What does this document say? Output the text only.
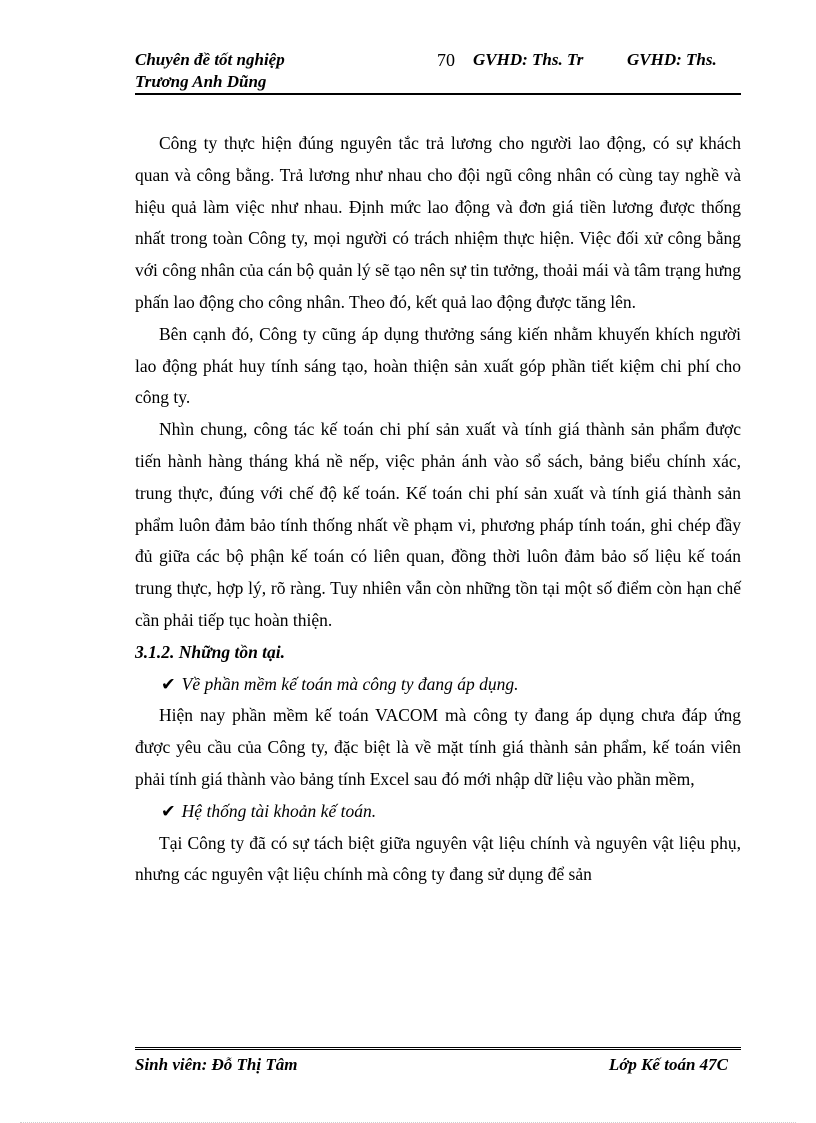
Chuyên đề tốt nghiệp
Trương Anh Dũng
70 GVHD: Ths. Tr	GVHD: Ths.

Công ty thực hiện đúng nguyên tắc trả lương cho người lao động, có sự khách quan và công bằng. Trả lương như nhau cho đội ngũ công nhân có cùng tay nghề và hiệu quả làm việc như nhau. Định mức lao động và đơn giá tiền lương được thống nhất trong toàn Công ty, mọi người có trách nhiệm thực hiện. Việc đối xử công bằng với công nhân của cán bộ quản lý sẽ tạo nên sự tin tưởng, thoải mái và tâm trạng hưng phấn lao động cho công nhân. Theo đó, kết quả lao động được tăng lên.

Bên cạnh đó, Công ty cũng áp dụng thưởng sáng kiến nhằm khuyến khích người lao động phát huy tính sáng tạo, hoàn thiện sản xuất góp phần tiết kiệm chi phí cho công ty.

Nhìn chung, công tác kế toán chi phí sản xuất và tính giá thành sản phẩm được tiến hành hàng tháng khá nề nếp, việc phản ánh vào sổ sách, bảng biểu chính xác, trung thực, đúng với chế độ kế toán. Kế toán chi phí sản xuất và tính giá thành sản phẩm luôn đảm bảo tính thống nhất về phạm vi, phương pháp tính toán, ghi chép đầy đủ giữa các bộ phận kế toán có liên quan, đồng thời luôn đảm bảo số liệu kế toán trung thực, hợp lý, rõ ràng. Tuy nhiên vẫn còn những tồn tại một số điểm còn hạn chế cần phải tiếp tục hoàn thiện.

3.1.2. Những tồn tại.

✔ Về phần mềm kế toán mà công ty đang áp dụng.

Hiện nay phần mềm kế toán VACOM mà công ty đang áp dụng chưa đáp ứng được yêu cầu của Công ty, đặc biệt là về mặt tính giá thành sản phẩm, kế toán viên phải tính giá thành vào bảng tính Excel sau đó mới nhập dữ liệu vào phần mềm,

✔ Hệ thống tài khoản kế toán.

Tại Công ty đã có sự tách biệt giữa nguyên vật liệu chính và nguyên vật liệu phụ, nhưng các nguyên vật liệu chính mà công ty đang sử dụng để sản

Sinh viên: Đỗ Thị Tâm	Lớp Kế toán 47C
